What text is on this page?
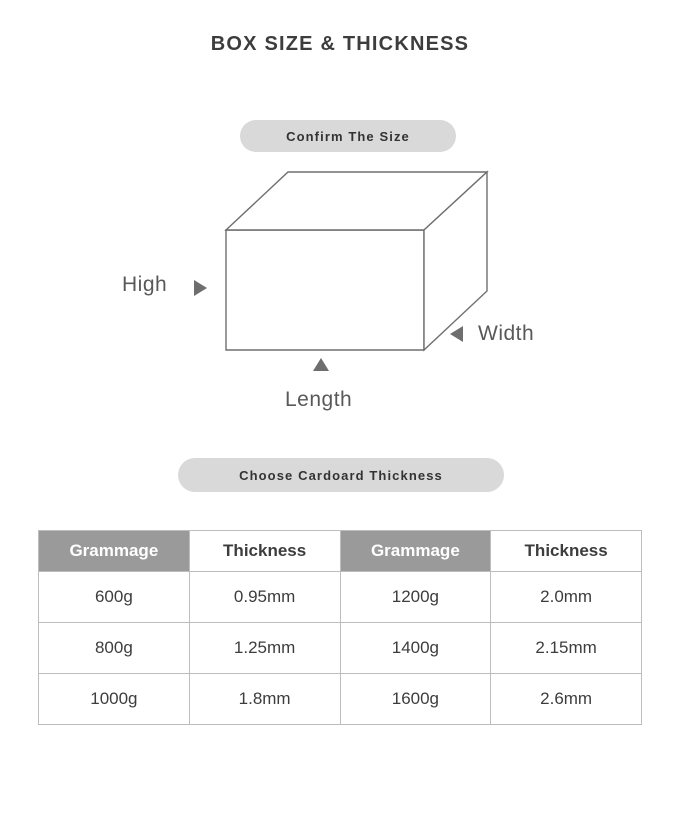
BOX SIZE & THICKNESS
Confirm The Size
High
Width
Length
Choose Cardoard Thickness
Grammage	Thickness	Grammage	Thickness
600g	0.95mm	1200g	2.0mm
800g	1.25mm	1400g	2.15mm
1000g	1.8mm	1600g	2.6mm
